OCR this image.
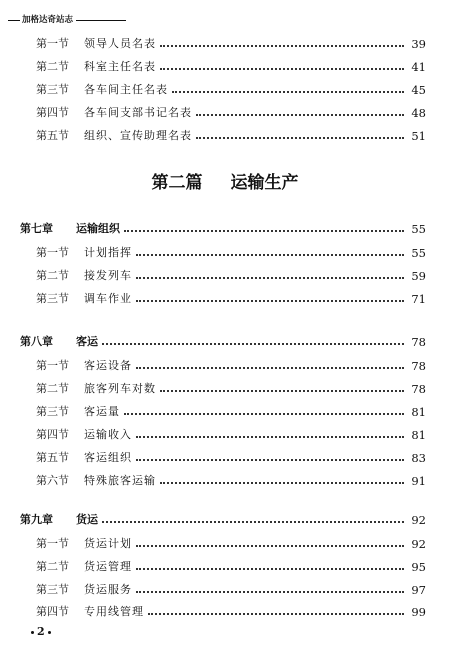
加格达奇站志
第一节	领导人员名表	39
第二节	科室主任名表	41
第三节	各车间主任名表	45
第四节	各车间支部书记名表	48
第五节	组织、宣传助理名表	51
第二篇 运输生产
第七章	运输组织	55
第一节	计划指挥	55
第二节	接发列车	59
第三节	调车作业	71
第八章	客运	78
第一节	客运设备	78
第二节	旅客列车对数	78
第三节	客运量	81
第四节	运输收入	81
第五节	客运组织	83
第六节	特殊旅客运输	91
第九章	货运	92
第一节	货运计划	92
第二节	货运管理	95
第三节	货运服务	97
第四节	专用线管理	99
2
